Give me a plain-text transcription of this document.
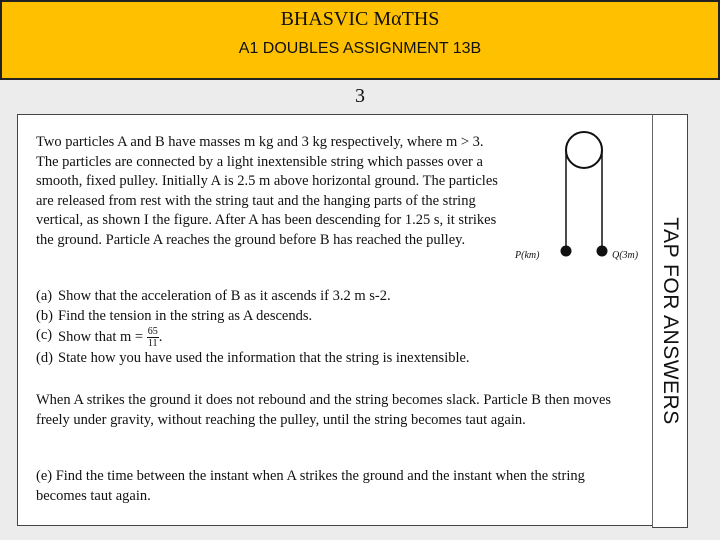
BHASVIC MαTHS
A1 DOUBLES ASSIGNMENT 13B
3

Two particles A and B have masses m kg and 3 kg respectively, where m > 3. The particles are connected by a light inextensible string which passes over a smooth, fixed pulley. Initially A is 2.5 m above horizontal ground. The particles are released from rest with the string taut and the hanging parts of the string vertical, as shown I the figure. After A has been descending for 1.25 s, it strikes the ground. Particle A reaches the ground before B has reached the pulley.

P(km)	Q(3m)
(a) Show that the acceleration of B as it ascends if 3.2 m s-2.
(b) Find the tension in the string as A descends.
(c) Show that $m = \frac{65}{11}$ .
(d) State how you have used the information that the string is inextensible.

When A strikes the ground it does not rebound and the string becomes slack. Particle B then moves freely under gravity, without reaching the pulley, until the string becomes taut again.

(e) Find the time between the instant when A strikes the ground and the instant when the string becomes taut again.

TAP FOR ANSWERS
